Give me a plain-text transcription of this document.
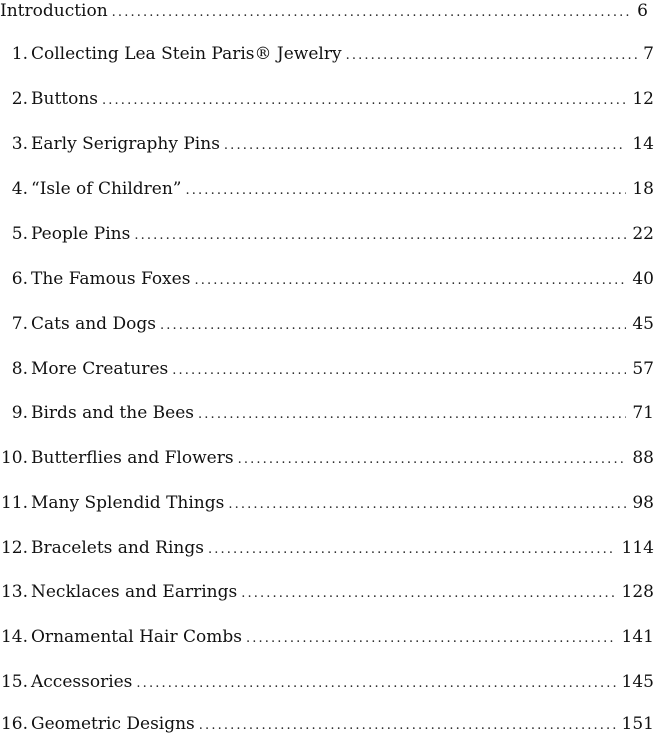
Introduction . . .	6
1. Collecting Lea Stein Paris® Jewelry . . .	7
2. Buttons . . .	12
3. Early Serigraphy Pins . . .	14
4. “Isle of Children” . . .	18
5. People Pins . . .	22
6. The Famous Foxes . . .	40
7. Cats and Dogs . . .	45
8. More Creatures . . .	57
9. Birds and the Bees . . .	71
10. Butterflies and Flowers . . .	88
11. Many Splendid Things . . .	98
12. Bracelets and Rings . . .	114
13. Necklaces and Earrings . . .	128
14. Ornamental Hair Combs . . .	141
15. Accessories . . .	145
16. Geometric Designs . . .	151
